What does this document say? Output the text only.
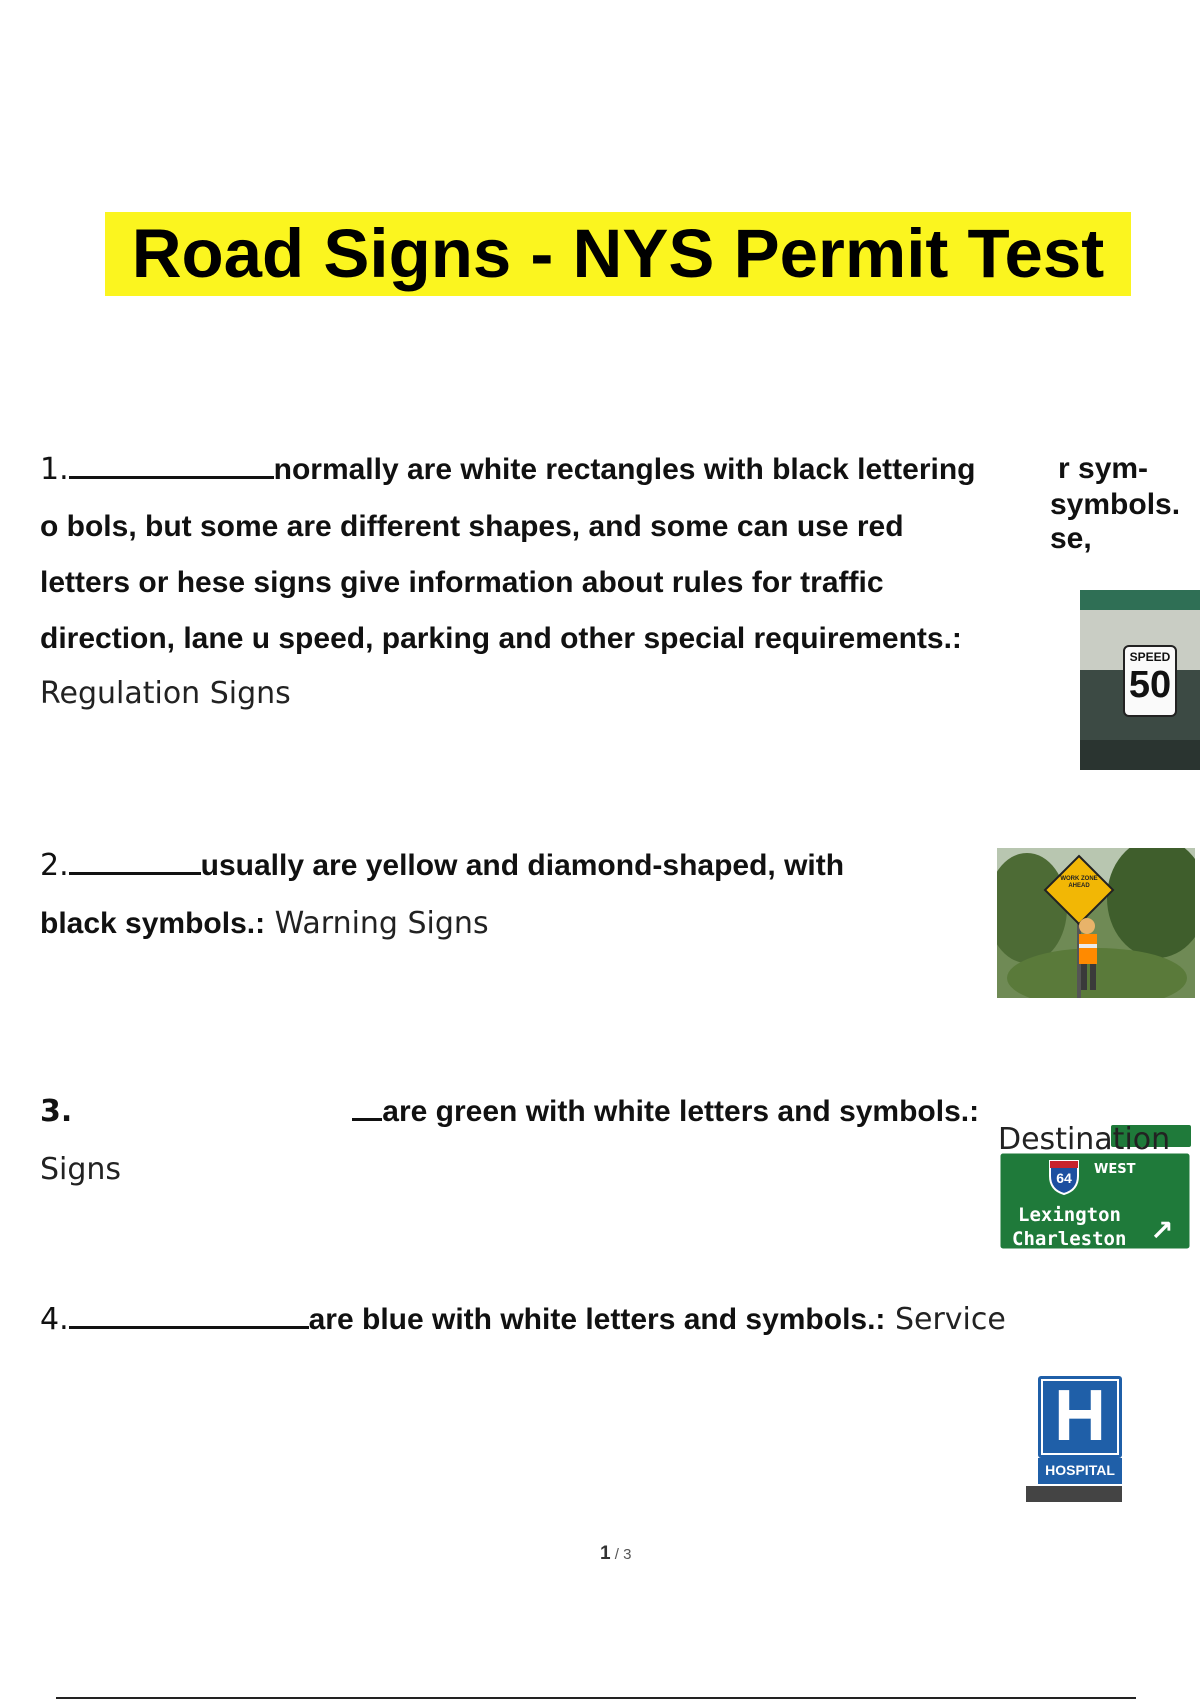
Road Signs - NYS Permit Test
1.	normally are white rectangles with black lettering
o bols, but some are different shapes, and some can use red
letters or hese signs give information about rules for traffic
direction, lane u speed, parking and other special requirements.:
Regulation Signs
r sym-
symbols.
se,
SPEED
50
2.	usually are yellow and diamond-shaped, with
black symbols.: Warning Signs
WORK ZONE AHEAD
3.	are green with white letters and symbols.:
Destination
Signs	64
WEST
Lexington
Charleston ↗
4.	are blue with white letters and symbols.: Service
H
HOSPITAL
1 / 3
